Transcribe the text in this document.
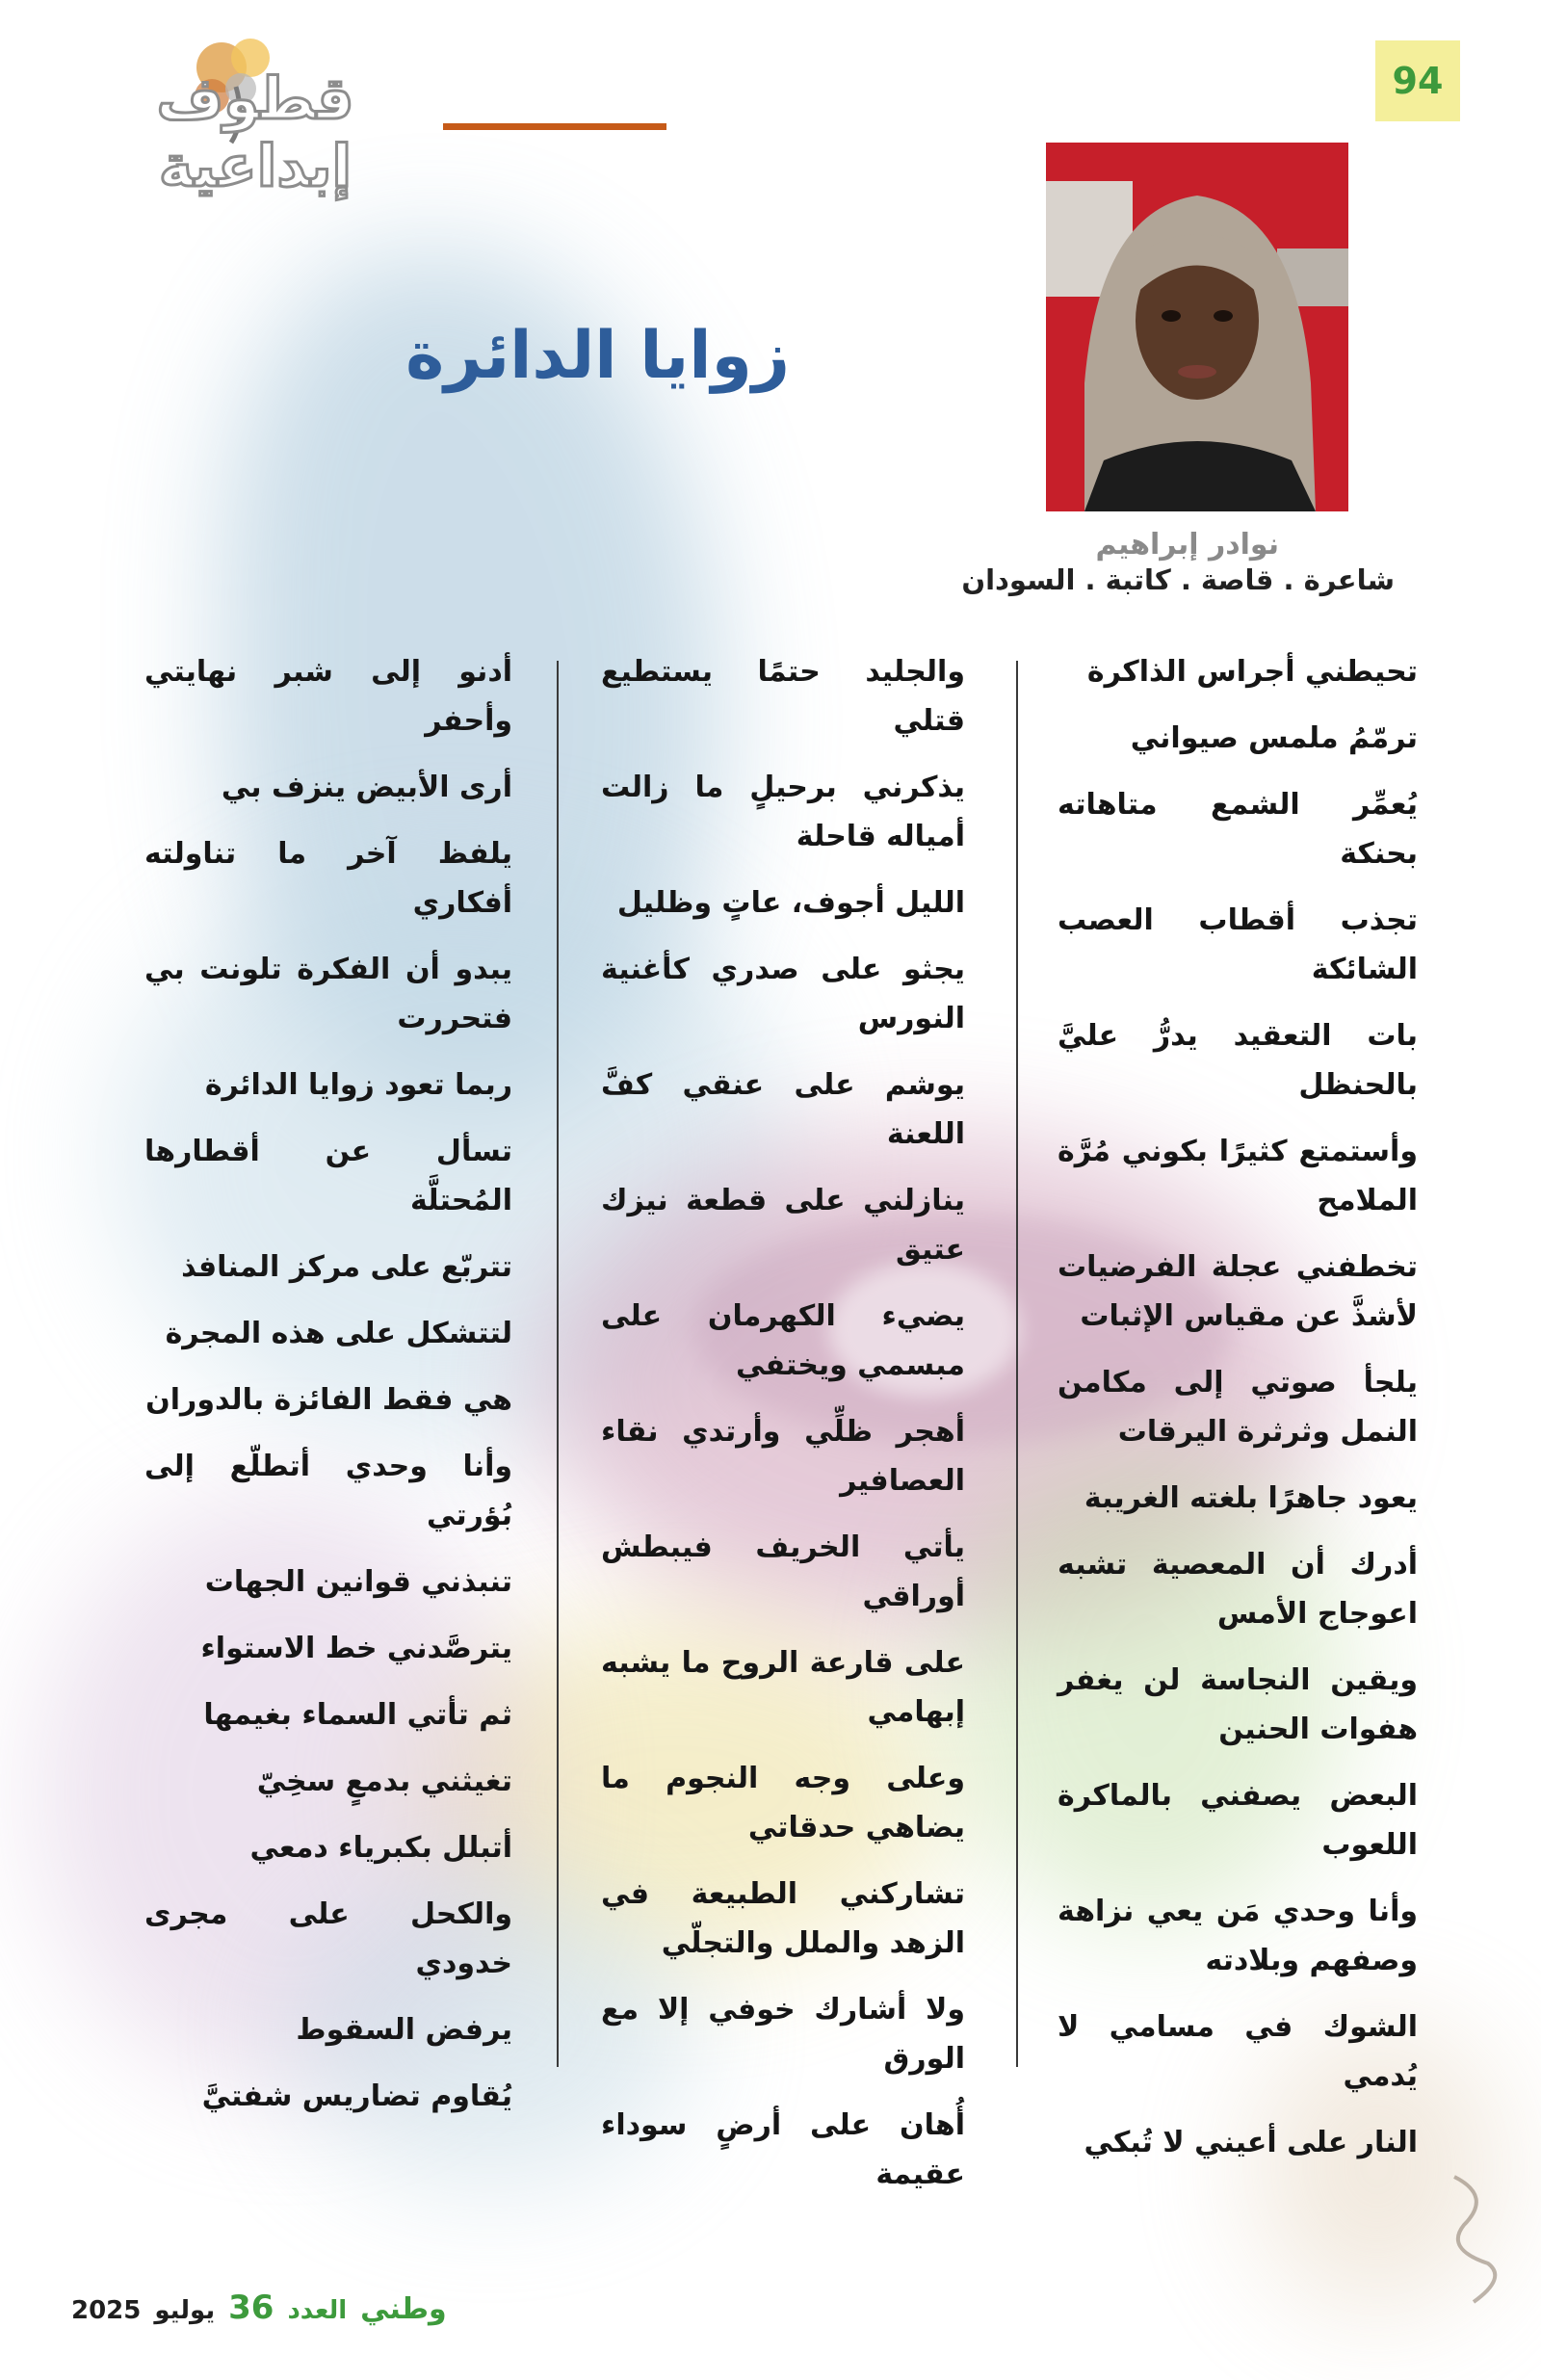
قطوف إبداعية
94
زوايا الدائرة
نوادر إبراهيم
شاعرة . قاصة . كاتبة . السودان

تحيطني أجراس الذاكرة

ترمّمُ ملمس صيواني

يُعمِّر الشمع متاهاته بحنكة

تجذب أقطاب العصب الشائكة

بات التعقيد يدرُّ عليَّ بالحنظل

وأستمتع كثيرًا بكوني مُرَّة الملامح

تخطفني عجلة الفرضيات لأشذَّ عن مقياس الإثبات

يلجأ صوتي إلى مكامن النمل وثرثرة اليرقات

يعود جاهرًا بلغته الغريبة

أدرك أن المعصية تشبه اعوجاج الأمس

ويقين النجاسة لن يغفر هفوات الحنين

البعض يصفني بالماكرة اللعوب

وأنا وحدي مَن يعي نزاهة وصفهم وبلادته

الشوك في مسامي لا يُدمي

النار على أعيني لا تُبكي

والجليد حتمًا يستطيع قتلي

يذكرني برحيلٍ ما زالت أمياله قاحلة

الليل أجوف، عاتٍ وظليل

يجثو على صدري كأغنية النورس

يوشم على عنقي كفَّ اللعنة

ينازلني على قطعة نيزك عتيق

يضيء الكهرمان على مبسمي ويختفي

أهجر ظلِّي وأرتدي نقاء العصافير

يأتي الخريف فيبطش أوراقي

على قارعة الروح ما يشبه إبهامي

وعلى وجه النجوم ما يضاهي حدقاتي

تشاركني الطبيعة في الزهد والملل والتجلّي

ولا أشارك خوفي إلا مع الورق

أُهان على أرضٍ سوداء عقيمة

أدنو إلى شبر نهايتي وأحفر

أرى الأبيض ينزف بي

يلفظ آخر ما تناولته أفكاري

يبدو أن الفكرة تلونت بي فتحررت

ربما تعود زوايا الدائرة

تسأل عن أقطارها المُحتلَّة

تتربّع على مركز المنافذ

لتتشكل على هذه المجرة

هي فقط الفائزة بالدوران

وأنا وحدي أتطلّع إلى بُؤرتي

تنبذني قوانين الجهات

يترصَّدني خط الاستواء

ثم تأتي السماء بغيمها

تغيثني بدمعٍ سخِيّ

أتبلل بكبرياء دمعي

والكحل على مجرى خدودي

يرفض السقوط

يُقاوم تضاريس شفتيَّ

وطني
العدد
36
يوليو
2025
